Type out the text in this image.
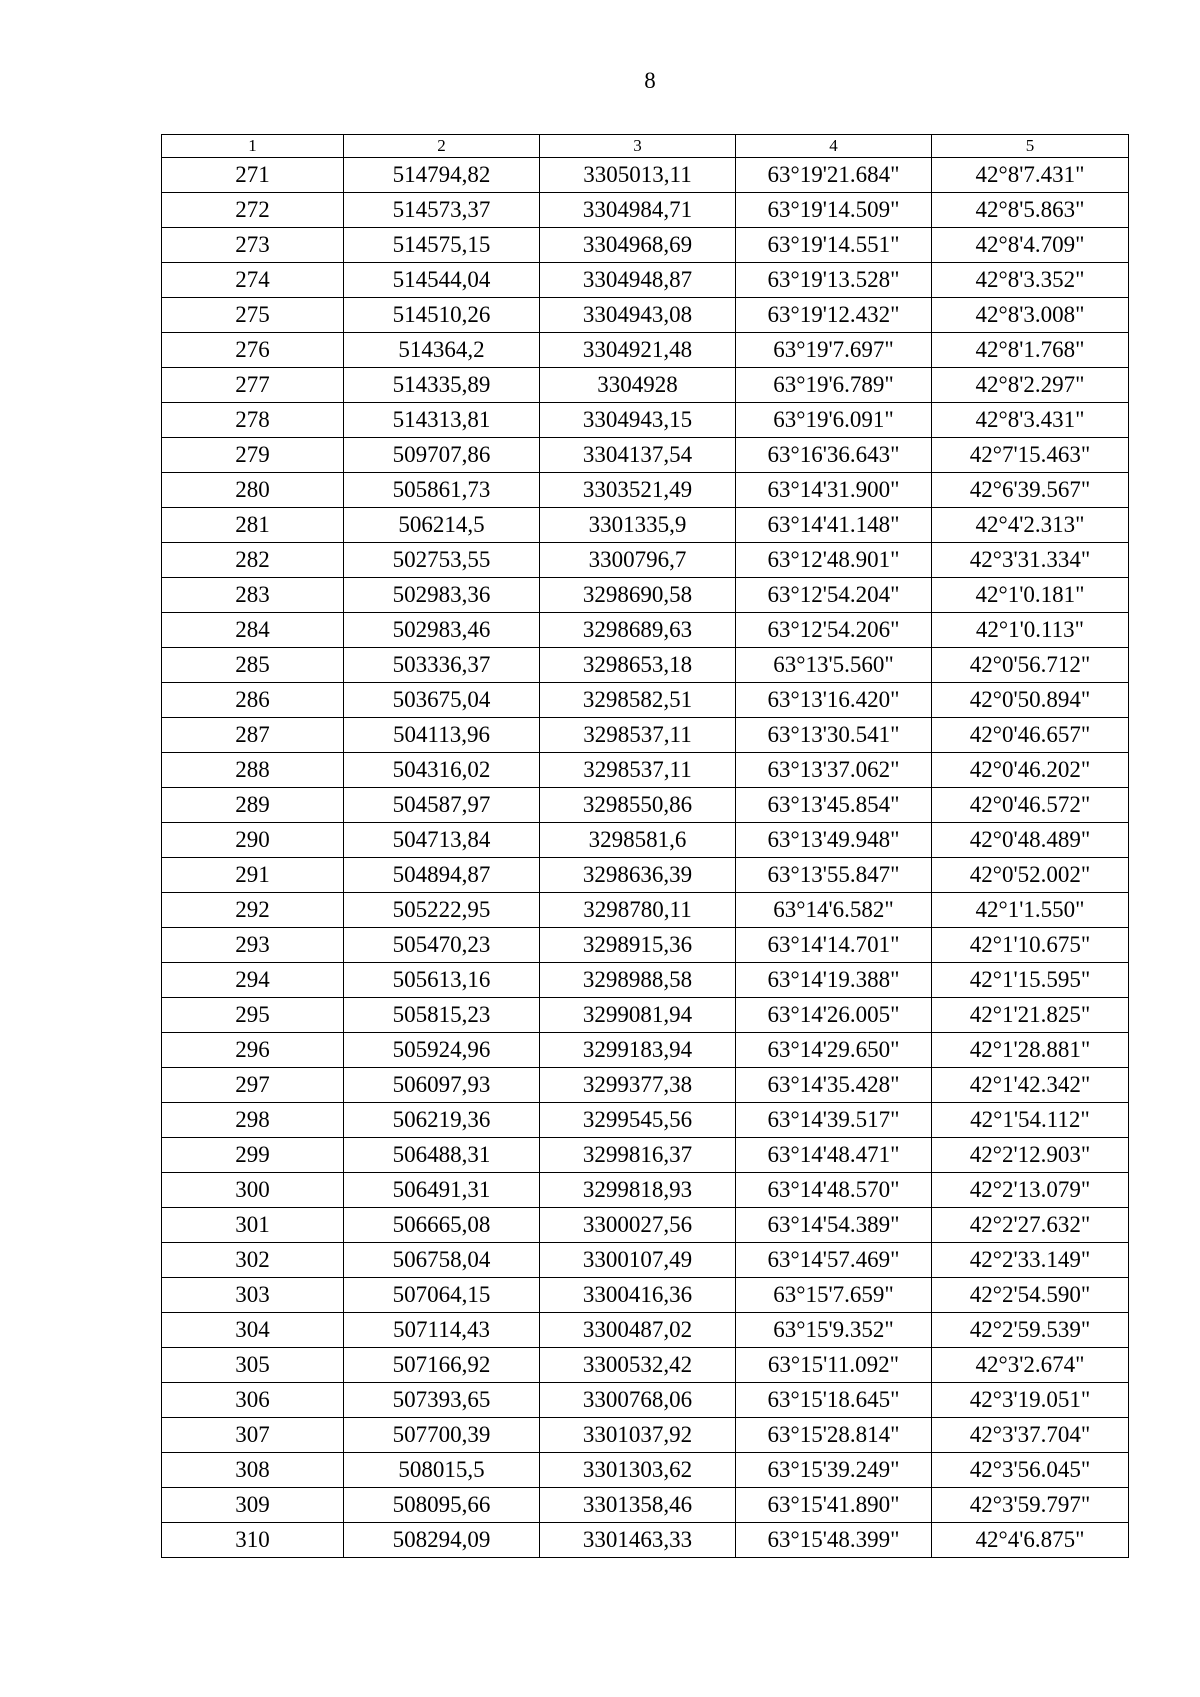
8
1	2	3	4	5
271	514794,82	3305013,11	63°19'21.684"	42°8'7.431"
272	514573,37	3304984,71	63°19'14.509"	42°8'5.863"
273	514575,15	3304968,69	63°19'14.551"	42°8'4.709"
274	514544,04	3304948,87	63°19'13.528"	42°8'3.352"
275	514510,26	3304943,08	63°19'12.432"	42°8'3.008"
276	514364,2	3304921,48	63°19'7.697"	42°8'1.768"
277	514335,89	3304928	63°19'6.789"	42°8'2.297"
278	514313,81	3304943,15	63°19'6.091"	42°8'3.431"
279	509707,86	3304137,54	63°16'36.643"	42°7'15.463"
280	505861,73	3303521,49	63°14'31.900"	42°6'39.567"
281	506214,5	3301335,9	63°14'41.148"	42°4'2.313"
282	502753,55	3300796,7	63°12'48.901"	42°3'31.334"
283	502983,36	3298690,58	63°12'54.204"	42°1'0.181"
284	502983,46	3298689,63	63°12'54.206"	42°1'0.113"
285	503336,37	3298653,18	63°13'5.560"	42°0'56.712"
286	503675,04	3298582,51	63°13'16.420"	42°0'50.894"
287	504113,96	3298537,11	63°13'30.541"	42°0'46.657"
288	504316,02	3298537,11	63°13'37.062"	42°0'46.202"
289	504587,97	3298550,86	63°13'45.854"	42°0'46.572"
290	504713,84	3298581,6	63°13'49.948"	42°0'48.489"
291	504894,87	3298636,39	63°13'55.847"	42°0'52.002"
292	505222,95	3298780,11	63°14'6.582"	42°1'1.550"
293	505470,23	3298915,36	63°14'14.701"	42°1'10.675"
294	505613,16	3298988,58	63°14'19.388"	42°1'15.595"
295	505815,23	3299081,94	63°14'26.005"	42°1'21.825"
296	505924,96	3299183,94	63°14'29.650"	42°1'28.881"
297	506097,93	3299377,38	63°14'35.428"	42°1'42.342"
298	506219,36	3299545,56	63°14'39.517"	42°1'54.112"
299	506488,31	3299816,37	63°14'48.471"	42°2'12.903"
300	506491,31	3299818,93	63°14'48.570"	42°2'13.079"
301	506665,08	3300027,56	63°14'54.389"	42°2'27.632"
302	506758,04	3300107,49	63°14'57.469"	42°2'33.149"
303	507064,15	3300416,36	63°15'7.659"	42°2'54.590"
304	507114,43	3300487,02	63°15'9.352"	42°2'59.539"
305	507166,92	3300532,42	63°15'11.092"	42°3'2.674"
306	507393,65	3300768,06	63°15'18.645"	42°3'19.051"
307	507700,39	3301037,92	63°15'28.814"	42°3'37.704"
308	508015,5	3301303,62	63°15'39.249"	42°3'56.045"
309	508095,66	3301358,46	63°15'41.890"	42°3'59.797"
310	508294,09	3301463,33	63°15'48.399"	42°4'6.875"
